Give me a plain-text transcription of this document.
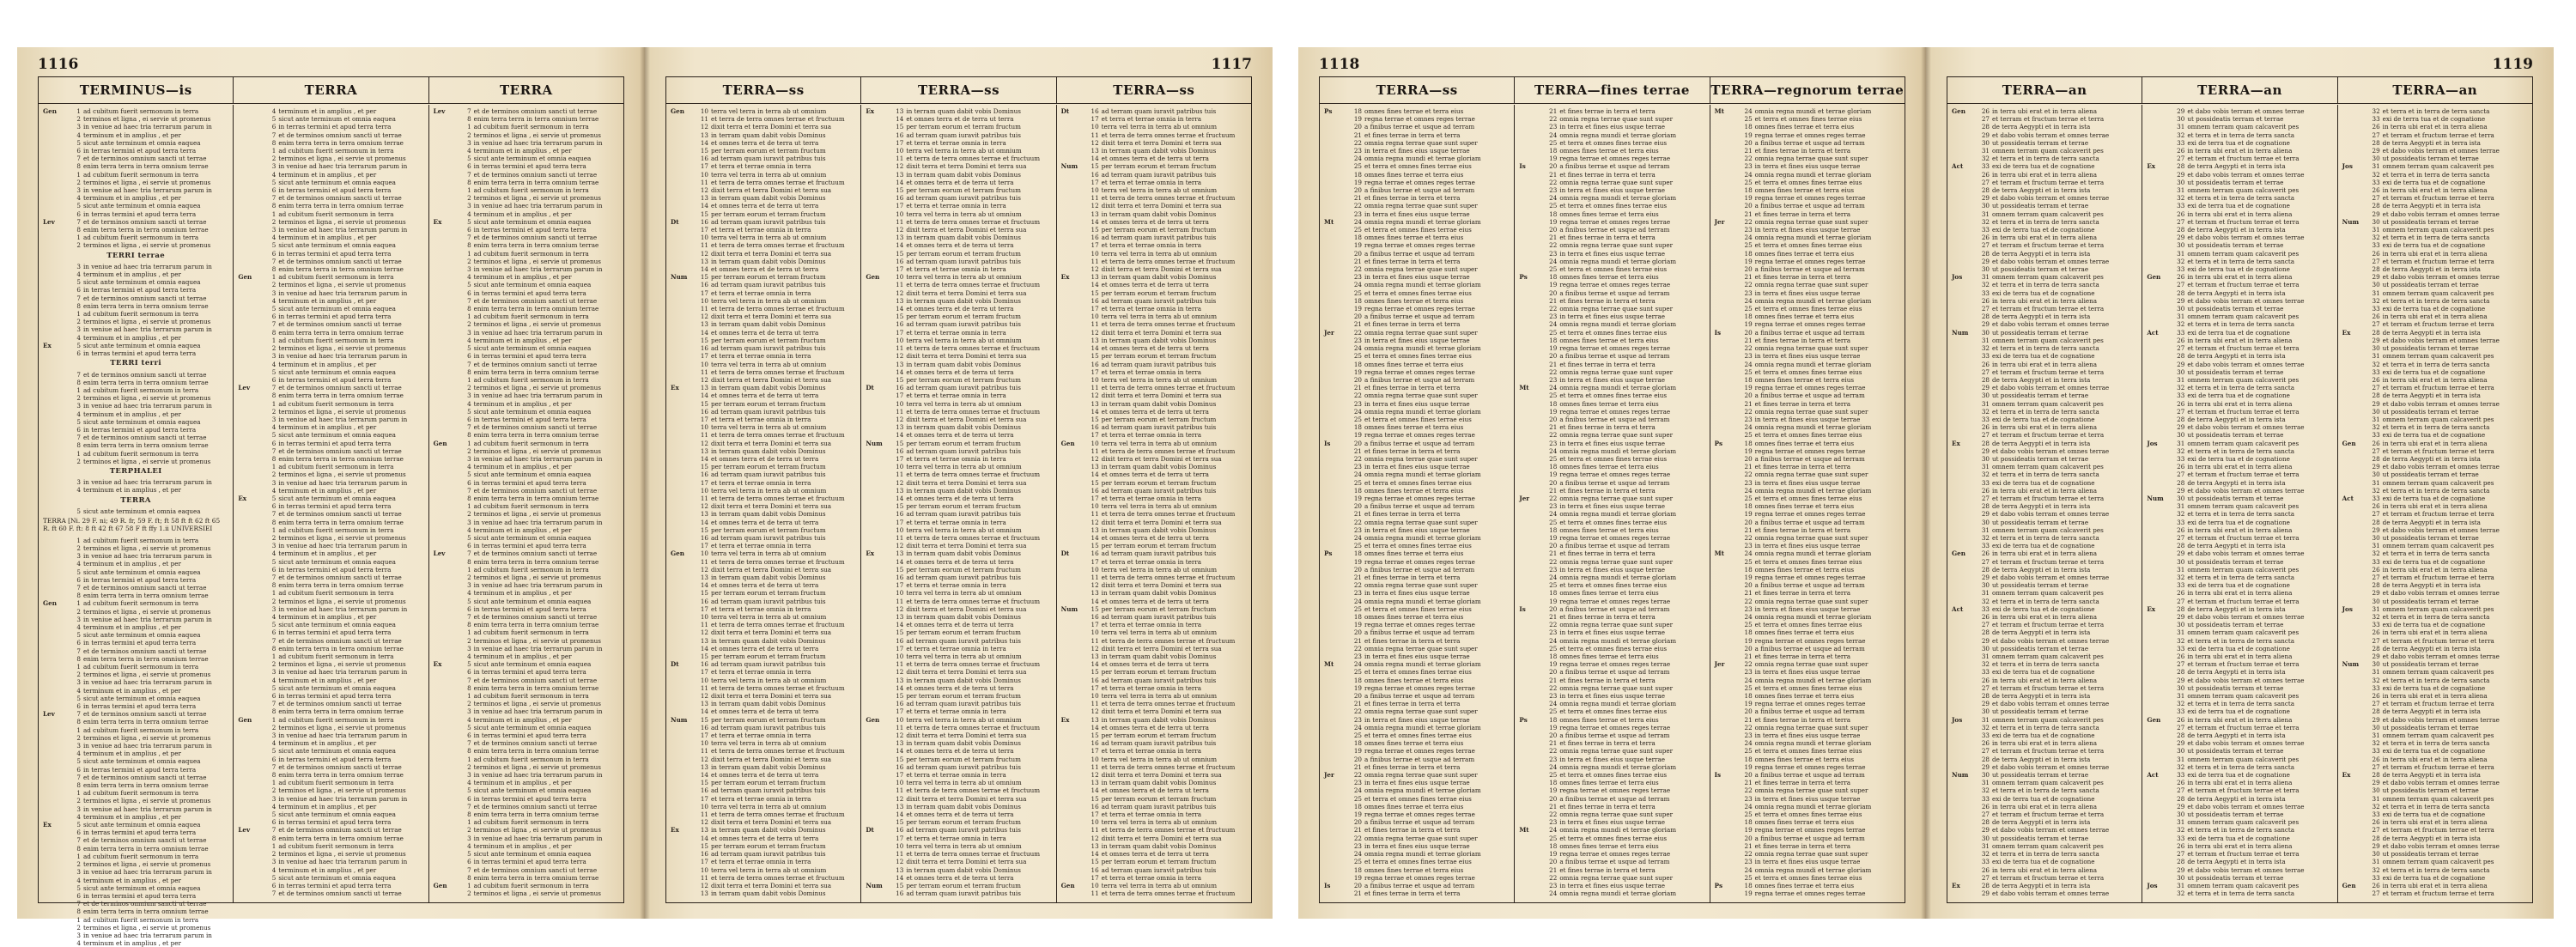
1116
TERMINUS—is	TERRA	TERRA
Gen	1 ad cubitum fuerit sermonum in terra
2 terminos et ligna , ei servie ut promenus
3 in veniue ad haec tria terrarum parum in
4 terminum et in amplius , et per
5 sicut ante terminum et omnia eaquea
6 in terras termini et apud terra terra
7 et de terminos omnium sancti ut terrae
8 enim terra terra in terra omnium terrae
1 ad cubitum fuerit sermonum in terra
2 terminos et ligna , ei servie ut promenus
3 in veniue ad haec tria terrarum parum in
4 terminum et in amplius , et per
5 sicut ante terminum et omnia eaquea
6 in terras termini et apud terra terra
Lev	7 et de terminos omnium sancti ut terrae
8 enim terra terra in terra omnium terrae
1 ad cubitum fuerit sermonum in terra
2 terminos et ligna , ei servie ut promenus
TERRI terrae
3 in veniue ad haec tria terrarum parum in
4 terminum et in amplius , et per
5 sicut ante terminum et omnia eaquea
6 in terras termini et apud terra terra
7 et de terminos omnium sancti ut terrae
8 enim terra terra in terra omnium terrae
1 ad cubitum fuerit sermonum in terra
2 terminos et ligna , ei servie ut promenus
3 in veniue ad haec tria terrarum parum in
4 terminum et in amplius , et per
Ex	5 sicut ante terminum et omnia eaquea
6 in terras termini et apud terra terra
TERRI terri
7 et de terminos omnium sancti ut terrae
8 enim terra terra in terra omnium terrae
1 ad cubitum fuerit sermonum in terra
2 terminos et ligna , ei servie ut promenus
3 in veniue ad haec tria terrarum parum in
4 terminum et in amplius , et per
5 sicut ante terminum et omnia eaquea
6 in terras termini et apud terra terra
7 et de terminos omnium sancti ut terrae
8 enim terra terra in terra omnium terrae
1 ad cubitum fuerit sermonum in terra
2 terminos et ligna , ei servie ut promenus
TERPHALEI
3 in veniue ad haec tria terrarum parum in
4 terminum et in amplius , et per
TERRA
5 sicut ante terminum et omnia eaquea
TERRA [Ni. 29 F. ni; 49 R. fr, 59 F. ft; ft 58 ft ft 62 ft 65 R. ft 60 F. ft: 8 ft 42 ft 67 58 F ft ffy 1.ii UNIVERSIEI
1 ad cubitum fuerit sermonum in terra
2 terminos et ligna , ei servie ut promenus
3 in veniue ad haec tria terrarum parum in
4 terminum et in amplius , et per
5 sicut ante terminum et omnia eaquea
6 in terras termini et apud terra terra
7 et de terminos omnium sancti ut terrae
8 enim terra terra in terra omnium terrae
Gen	1 ad cubitum fuerit sermonum in terra
2 terminos et ligna , ei servie ut promenus
3 in veniue ad haec tria terrarum parum in
4 terminum et in amplius , et per
5 sicut ante terminum et omnia eaquea
6 in terras termini et apud terra terra
7 et de terminos omnium sancti ut terrae
8 enim terra terra in terra omnium terrae
1 ad cubitum fuerit sermonum in terra
2 terminos et ligna , ei servie ut promenus
3 in veniue ad haec tria terrarum parum in
4 terminum et in amplius , et per
5 sicut ante terminum et omnia eaquea
6 in terras termini et apud terra terra
Lev	7 et de terminos omnium sancti ut terrae
8 enim terra terra in terra omnium terrae
1 ad cubitum fuerit sermonum in terra
2 terminos et ligna , ei servie ut promenus
3 in veniue ad haec tria terrarum parum in
4 terminum et in amplius , et per
5 sicut ante terminum et omnia eaquea
6 in terras termini et apud terra terra
7 et de terminos omnium sancti ut terrae
8 enim terra terra in terra omnium terrae
1 ad cubitum fuerit sermonum in terra
2 terminos et ligna , ei servie ut promenus
3 in veniue ad haec tria terrarum parum in
4 terminum et in amplius , et per
Ex	5 sicut ante terminum et omnia eaquea
6 in terras termini et apud terra terra
7 et de terminos omnium sancti ut terrae
8 enim terra terra in terra omnium terrae
1 ad cubitum fuerit sermonum in terra
2 terminos et ligna , ei servie ut promenus
3 in veniue ad haec tria terrarum parum in
4 terminum et in amplius , et per
5 sicut ante terminum et omnia eaquea
6 in terras termini et apud terra terra
7 et de terminos omnium sancti ut terrae
8 enim terra terra in terra omnium terrae
1 ad cubitum fuerit sermonum in terra
2 terminos et ligna , ei servie ut promenus
3 in veniue ad haec tria terrarum parum in
4 terminum et in amplius , et per
4 terminum et in amplius , et per
5 sicut ante terminum et omnia eaquea
6 in terras termini et apud terra terra
7 et de terminos omnium sancti ut terrae
8 enim terra terra in terra omnium terrae
1 ad cubitum fuerit sermonum in terra
2 terminos et ligna , ei servie ut promenus
3 in veniue ad haec tria terrarum parum in
4 terminum et in amplius , et per
5 sicut ante terminum et omnia eaquea
6 in terras termini et apud terra terra
7 et de terminos omnium sancti ut terrae
8 enim terra terra in terra omnium terrae
1 ad cubitum fuerit sermonum in terra
2 terminos et ligna , ei servie ut promenus
3 in veniue ad haec tria terrarum parum in
4 terminum et in amplius , et per
5 sicut ante terminum et omnia eaquea
6 in terras termini et apud terra terra
7 et de terminos omnium sancti ut terrae
8 enim terra terra in terra omnium terrae
Gen	1 ad cubitum fuerit sermonum in terra
2 terminos et ligna , ei servie ut promenus
3 in veniue ad haec tria terrarum parum in
4 terminum et in amplius , et per
5 sicut ante terminum et omnia eaquea
6 in terras termini et apud terra terra
7 et de terminos omnium sancti ut terrae
8 enim terra terra in terra omnium terrae
1 ad cubitum fuerit sermonum in terra
2 terminos et ligna , ei servie ut promenus
3 in veniue ad haec tria terrarum parum in
4 terminum et in amplius , et per
5 sicut ante terminum et omnia eaquea
6 in terras termini et apud terra terra
Lev	7 et de terminos omnium sancti ut terrae
8 enim terra terra in terra omnium terrae
1 ad cubitum fuerit sermonum in terra
2 terminos et ligna , ei servie ut promenus
3 in veniue ad haec tria terrarum parum in
4 terminum et in amplius , et per
5 sicut ante terminum et omnia eaquea
6 in terras termini et apud terra terra
7 et de terminos omnium sancti ut terrae
8 enim terra terra in terra omnium terrae
1 ad cubitum fuerit sermonum in terra
2 terminos et ligna , ei servie ut promenus
3 in veniue ad haec tria terrarum parum in
4 terminum et in amplius , et per
Ex	5 sicut ante terminum et omnia eaquea
6 in terras termini et apud terra terra
7 et de terminos omnium sancti ut terrae
8 enim terra terra in terra omnium terrae
1 ad cubitum fuerit sermonum in terra
2 terminos et ligna , ei servie ut promenus
3 in veniue ad haec tria terrarum parum in
4 terminum et in amplius , et per
5 sicut ante terminum et omnia eaquea
6 in terras termini et apud terra terra
7 et de terminos omnium sancti ut terrae
8 enim terra terra in terra omnium terrae
1 ad cubitum fuerit sermonum in terra
2 terminos et ligna , ei servie ut promenus
3 in veniue ad haec tria terrarum parum in
4 terminum et in amplius , et per
5 sicut ante terminum et omnia eaquea
6 in terras termini et apud terra terra
7 et de terminos omnium sancti ut terrae
8 enim terra terra in terra omnium terrae
1 ad cubitum fuerit sermonum in terra
2 terminos et ligna , ei servie ut promenus
3 in veniue ad haec tria terrarum parum in
4 terminum et in amplius , et per
5 sicut ante terminum et omnia eaquea
6 in terras termini et apud terra terra
7 et de terminos omnium sancti ut terrae
8 enim terra terra in terra omnium terrae
Gen	1 ad cubitum fuerit sermonum in terra
2 terminos et ligna , ei servie ut promenus
3 in veniue ad haec tria terrarum parum in
4 terminum et in amplius , et per
5 sicut ante terminum et omnia eaquea
6 in terras termini et apud terra terra
7 et de terminos omnium sancti ut terrae
8 enim terra terra in terra omnium terrae
1 ad cubitum fuerit sermonum in terra
2 terminos et ligna , ei servie ut promenus
3 in veniue ad haec tria terrarum parum in
4 terminum et in amplius , et per
5 sicut ante terminum et omnia eaquea
6 in terras termini et apud terra terra
Lev	7 et de terminos omnium sancti ut terrae
8 enim terra terra in terra omnium terrae
1 ad cubitum fuerit sermonum in terra
2 terminos et ligna , ei servie ut promenus
3 in veniue ad haec tria terrarum parum in
4 terminum et in amplius , et per
5 sicut ante terminum et omnia eaquea
6 in terras termini et apud terra terra
7 et de terminos omnium sancti ut terrae
Lev	7 et de terminos omnium sancti ut terrae
8 enim terra terra in terra omnium terrae
1 ad cubitum fuerit sermonum in terra
2 terminos et ligna , ei servie ut promenus
3 in veniue ad haec tria terrarum parum in
4 terminum et in amplius , et per
5 sicut ante terminum et omnia eaquea
6 in terras termini et apud terra terra
7 et de terminos omnium sancti ut terrae
8 enim terra terra in terra omnium terrae
1 ad cubitum fuerit sermonum in terra
2 terminos et ligna , ei servie ut promenus
3 in veniue ad haec tria terrarum parum in
4 terminum et in amplius , et per
Ex	5 sicut ante terminum et omnia eaquea
6 in terras termini et apud terra terra
7 et de terminos omnium sancti ut terrae
8 enim terra terra in terra omnium terrae
1 ad cubitum fuerit sermonum in terra
2 terminos et ligna , ei servie ut promenus
3 in veniue ad haec tria terrarum parum in
4 terminum et in amplius , et per
5 sicut ante terminum et omnia eaquea
6 in terras termini et apud terra terra
7 et de terminos omnium sancti ut terrae
8 enim terra terra in terra omnium terrae
1 ad cubitum fuerit sermonum in terra
2 terminos et ligna , ei servie ut promenus
3 in veniue ad haec tria terrarum parum in
4 terminum et in amplius , et per
5 sicut ante terminum et omnia eaquea
6 in terras termini et apud terra terra
7 et de terminos omnium sancti ut terrae
8 enim terra terra in terra omnium terrae
1 ad cubitum fuerit sermonum in terra
2 terminos et ligna , ei servie ut promenus
3 in veniue ad haec tria terrarum parum in
4 terminum et in amplius , et per
5 sicut ante terminum et omnia eaquea
6 in terras termini et apud terra terra
7 et de terminos omnium sancti ut terrae
8 enim terra terra in terra omnium terrae
Gen	1 ad cubitum fuerit sermonum in terra
2 terminos et ligna , ei servie ut promenus
3 in veniue ad haec tria terrarum parum in
4 terminum et in amplius , et per
5 sicut ante terminum et omnia eaquea
6 in terras termini et apud terra terra
7 et de terminos omnium sancti ut terrae
8 enim terra terra in terra omnium terrae
1 ad cubitum fuerit sermonum in terra
2 terminos et ligna , ei servie ut promenus
3 in veniue ad haec tria terrarum parum in
4 terminum et in amplius , et per
5 sicut ante terminum et omnia eaquea
6 in terras termini et apud terra terra
Lev	7 et de terminos omnium sancti ut terrae
8 enim terra terra in terra omnium terrae
1 ad cubitum fuerit sermonum in terra
2 terminos et ligna , ei servie ut promenus
3 in veniue ad haec tria terrarum parum in
4 terminum et in amplius , et per
5 sicut ante terminum et omnia eaquea
6 in terras termini et apud terra terra
7 et de terminos omnium sancti ut terrae
8 enim terra terra in terra omnium terrae
1 ad cubitum fuerit sermonum in terra
2 terminos et ligna , ei servie ut promenus
3 in veniue ad haec tria terrarum parum in
4 terminum et in amplius , et per
Ex	5 sicut ante terminum et omnia eaquea
6 in terras termini et apud terra terra
7 et de terminos omnium sancti ut terrae
8 enim terra terra in terra omnium terrae
1 ad cubitum fuerit sermonum in terra
2 terminos et ligna , ei servie ut promenus
3 in veniue ad haec tria terrarum parum in
4 terminum et in amplius , et per
5 sicut ante terminum et omnia eaquea
6 in terras termini et apud terra terra
7 et de terminos omnium sancti ut terrae
8 enim terra terra in terra omnium terrae
1 ad cubitum fuerit sermonum in terra
2 terminos et ligna , ei servie ut promenus
3 in veniue ad haec tria terrarum parum in
4 terminum et in amplius , et per
5 sicut ante terminum et omnia eaquea
6 in terras termini et apud terra terra
7 et de terminos omnium sancti ut terrae
8 enim terra terra in terra omnium terrae
1 ad cubitum fuerit sermonum in terra
2 terminos et ligna , ei servie ut promenus
3 in veniue ad haec tria terrarum parum in
4 terminum et in amplius , et per
5 sicut ante terminum et omnia eaquea
6 in terras termini et apud terra terra
7 et de terminos omnium sancti ut terrae
8 enim terra terra in terra omnium terrae
Gen	1 ad cubitum fuerit sermonum in terra
2 terminos et ligna , ei servie ut promenus
1117
TERRA—ss	TERRA—ss	TERRA—ss
Gen	10 terra vel terra in terra ab ut omnium
11 et terra de terra omnes terrae et fructuum
12 dixit terra et terra Domini et terra sua
13 in terram quam dabit vobis Dominus
14 et omnes terra et de terra ut terra
15 per terram eorum et terram fructum
16 ad terram quam iuravit patribus tuis
17 et terra et terrae omnia in terra
10 terra vel terra in terra ab ut omnium
11 et terra de terra omnes terrae et fructuum
12 dixit terra et terra Domini et terra sua
13 in terram quam dabit vobis Dominus
14 et omnes terra et de terra ut terra
15 per terram eorum et terram fructum
Dt	16 ad terram quam iuravit patribus tuis
17 et terra et terrae omnia in terra
10 terra vel terra in terra ab ut omnium
11 et terra de terra omnes terrae et fructuum
12 dixit terra et terra Domini et terra sua
13 in terram quam dabit vobis Dominus
14 et omnes terra et de terra ut terra
Num 15 per terram eorum et terram fructum
16 ad terram quam iuravit patribus tuis
17 et terra et terrae omnia in terra
10 terra vel terra in terra ab ut omnium
11 et terra de terra omnes terrae et fructuum
12 dixit terra et terra Domini et terra sua
13 in terram quam dabit vobis Dominus
14 et omnes terra et de terra ut terra
15 per terram eorum et terram fructum
16 ad terram quam iuravit patribus tuis
17 et terra et terrae omnia in terra
10 terra vel terra in terra ab ut omnium
11 et terra de terra omnes terrae et fructuum
12 dixit terra et terra Domini et terra sua
Ex	13 in terram quam dabit vobis Dominus
14 et omnes terra et de terra ut terra
15 per terram eorum et terram fructum
16 ad terram quam iuravit patribus tuis
17 et terra et terrae omnia in terra
10 terra vel terra in terra ab ut omnium
11 et terra de terra omnes terrae et fructuum
12 dixit terra et terra Domini et terra sua
13 in terram quam dabit vobis Dominus
14 et omnes terra et de terra ut terra
15 per terram eorum et terram fructum
16 ad terram quam iuravit patribus tuis
17 et terra et terrae omnia in terra
10 terra vel terra in terra ab ut omnium
11 et terra de terra omnes terrae et fructuum
12 dixit terra et terra Domini et terra sua
13 in terram quam dabit vobis Dominus
14 et omnes terra et de terra ut terra
15 per terram eorum et terram fructum
16 ad terram quam iuravit patribus tuis
17 et terra et terrae omnia in terra
Gen	10 terra vel terra in terra ab ut omnium
11 et terra de terra omnes terrae et fructuum
12 dixit terra et terra Domini et terra sua
13 in terram quam dabit vobis Dominus
14 et omnes terra et de terra ut terra
15 per terram eorum et terram fructum
16 ad terram quam iuravit patribus tuis
17 et terra et terrae omnia in terra
10 terra vel terra in terra ab ut omnium
11 et terra de terra omnes terrae et fructuum
12 dixit terra et terra Domini et terra sua
13 in terram quam dabit vobis Dominus
14 et omnes terra et de terra ut terra
15 per terram eorum et terram fructum
Dt	16 ad terram quam iuravit patribus tuis
17 et terra et terrae omnia in terra
10 terra vel terra in terra ab ut omnium
11 et terra de terra omnes terrae et fructuum
12 dixit terra et terra Domini et terra sua
13 in terram quam dabit vobis Dominus
14 et omnes terra et de terra ut terra
Num 15 per terram eorum et terram fructum
16 ad terram quam iuravit patribus tuis
17 et terra et terrae omnia in terra
10 terra vel terra in terra ab ut omnium
11 et terra de terra omnes terrae et fructuum
12 dixit terra et terra Domini et terra sua
13 in terram quam dabit vobis Dominus
14 et omnes terra et de terra ut terra
15 per terram eorum et terram fructum
16 ad terram quam iuravit patribus tuis
17 et terra et terrae omnia in terra
10 terra vel terra in terra ab ut omnium
11 et terra de terra omnes terrae et fructuum
12 dixit terra et terra Domini et terra sua
Ex	13 in terram quam dabit vobis Dominus
14 et omnes terra et de terra ut terra
15 per terram eorum et terram fructum
16 ad terram quam iuravit patribus tuis
17 et terra et terrae omnia in terra
10 terra vel terra in terra ab ut omnium
11 et terra de terra omnes terrae et fructuum
12 dixit terra et terra Domini et terra sua
13 in terram quam dabit vobis Dominus
Ex	13 in terram quam dabit vobis Dominus
14 et omnes terra et de terra ut terra
15 per terram eorum et terram fructum
16 ad terram quam iuravit patribus tuis
17 et terra et terrae omnia in terra
10 terra vel terra in terra ab ut omnium
11 et terra de terra omnes terrae et fructuum
12 dixit terra et terra Domini et terra sua
13 in terram quam dabit vobis Dominus
14 et omnes terra et de terra ut terra
15 per terram eorum et terram fructum
16 ad terram quam iuravit patribus tuis
17 et terra et terrae omnia in terra
10 terra vel terra in terra ab ut omnium
11 et terra de terra omnes terrae et fructuum
12 dixit terra et terra Domini et terra sua
13 in terram quam dabit vobis Dominus
14 et omnes terra et de terra ut terra
15 per terram eorum et terram fructum
16 ad terram quam iuravit patribus tuis
17 et terra et terrae omnia in terra
Gen	10 terra vel terra in terra ab ut omnium
11 et terra de terra omnes terrae et fructuum
12 dixit terra et terra Domini et terra sua
13 in terram quam dabit vobis Dominus
14 et omnes terra et de terra ut terra
15 per terram eorum et terram fructum
16 ad terram quam iuravit patribus tuis
17 et terra et terrae omnia in terra
10 terra vel terra in terra ab ut omnium
11 et terra de terra omnes terrae et fructuum
12 dixit terra et terra Domini et terra sua
13 in terram quam dabit vobis Dominus
14 et omnes terra et de terra ut terra
15 per terram eorum et terram fructum
Dt	16 ad terram quam iuravit patribus tuis
17 et terra et terrae omnia in terra
10 terra vel terra in terra ab ut omnium
11 et terra de terra omnes terrae et fructuum
12 dixit terra et terra Domini et terra sua
13 in terram quam dabit vobis Dominus
14 et omnes terra et de terra ut terra
Num 15 per terram eorum et terram fructum
16 ad terram quam iuravit patribus tuis
17 et terra et terrae omnia in terra
10 terra vel terra in terra ab ut omnium
11 et terra de terra omnes terrae et fructuum
12 dixit terra et terra Domini et terra sua
13 in terram quam dabit vobis Dominus
14 et omnes terra et de terra ut terra
15 per terram eorum et terram fructum
16 ad terram quam iuravit patribus tuis
17 et terra et terrae omnia in terra
10 terra vel terra in terra ab ut omnium
11 et terra de terra omnes terrae et fructuum
12 dixit terra et terra Domini et terra sua
Ex	13 in terram quam dabit vobis Dominus
14 et omnes terra et de terra ut terra
15 per terram eorum et terram fructum
16 ad terram quam iuravit patribus tuis
17 et terra et terrae omnia in terra
10 terra vel terra in terra ab ut omnium
11 et terra de terra omnes terrae et fructuum
12 dixit terra et terra Domini et terra sua
13 in terram quam dabit vobis Dominus
14 et omnes terra et de terra ut terra
15 per terram eorum et terram fructum
16 ad terram quam iuravit patribus tuis
17 et terra et terrae omnia in terra
10 terra vel terra in terra ab ut omnium
11 et terra de terra omnes terrae et fructuum
12 dixit terra et terra Domini et terra sua
13 in terram quam dabit vobis Dominus
14 et omnes terra et de terra ut terra
15 per terram eorum et terram fructum
16 ad terram quam iuravit patribus tuis
17 et terra et terrae omnia in terra
Gen	10 terra vel terra in terra ab ut omnium
11 et terra de terra omnes terrae et fructuum
12 dixit terra et terra Domini et terra sua
13 in terram quam dabit vobis Dominus
14 et omnes terra et de terra ut terra
15 per terram eorum et terram fructum
16 ad terram quam iuravit patribus tuis
17 et terra et terrae omnia in terra
10 terra vel terra in terra ab ut omnium
11 et terra de terra omnes terrae et fructuum
12 dixit terra et terra Domini et terra sua
13 in terram quam dabit vobis Dominus
14 et omnes terra et de terra ut terra
15 per terram eorum et terram fructum
Dt	16 ad terram quam iuravit patribus tuis
17 et terra et terrae omnia in terra
10 terra vel terra in terra ab ut omnium
11 et terra de terra omnes terrae et fructuum
12 dixit terra et terra Domini et terra sua
13 in terram quam dabit vobis Dominus
14 et omnes terra et de terra ut terra
Num 15 per terram eorum et terram fructum
16 ad terram quam iuravit patribus tuis
Dt	16 ad terram quam iuravit patribus tuis
17 et terra et terrae omnia in terra
10 terra vel terra in terra ab ut omnium
11 et terra de terra omnes terrae et fructuum
12 dixit terra et terra Domini et terra sua
13 in terram quam dabit vobis Dominus
14 et omnes terra et de terra ut terra
Num 15 per terram eorum et terram fructum
16 ad terram quam iuravit patribus tuis
17 et terra et terrae omnia in terra
10 terra vel terra in terra ab ut omnium
11 et terra de terra omnes terrae et fructuum
12 dixit terra et terra Domini et terra sua
13 in terram quam dabit vobis Dominus
14 et omnes terra et de terra ut terra
15 per terram eorum et terram fructum
16 ad terram quam iuravit patribus tuis
17 et terra et terrae omnia in terra
10 terra vel terra in terra ab ut omnium
11 et terra de terra omnes terrae et fructuum
12 dixit terra et terra Domini et terra sua
Ex	13 in terram quam dabit vobis Dominus
14 et omnes terra et de terra ut terra
15 per terram eorum et terram fructum
16 ad terram quam iuravit patribus tuis
17 et terra et terrae omnia in terra
10 terra vel terra in terra ab ut omnium
11 et terra de terra omnes terrae et fructuum
12 dixit terra et terra Domini et terra sua
13 in terram quam dabit vobis Dominus
14 et omnes terra et de terra ut terra
15 per terram eorum et terram fructum
16 ad terram quam iuravit patribus tuis
17 et terra et terrae omnia in terra
10 terra vel terra in terra ab ut omnium
11 et terra de terra omnes terrae et fructuum
12 dixit terra et terra Domini et terra sua
13 in terram quam dabit vobis Dominus
14 et omnes terra et de terra ut terra
15 per terram eorum et terram fructum
16 ad terram quam iuravit patribus tuis
17 et terra et terrae omnia in terra
Gen	10 terra vel terra in terra ab ut omnium
11 et terra de terra omnes terrae et fructuum
12 dixit terra et terra Domini et terra sua
13 in terram quam dabit vobis Dominus
14 et omnes terra et de terra ut terra
15 per terram eorum et terram fructum
16 ad terram quam iuravit patribus tuis
17 et terra et terrae omnia in terra
10 terra vel terra in terra ab ut omnium
11 et terra de terra omnes terrae et fructuum
12 dixit terra et terra Domini et terra sua
13 in terram quam dabit vobis Dominus
14 et omnes terra et de terra ut terra
15 per terram eorum et terram fructum
Dt	16 ad terram quam iuravit patribus tuis
17 et terra et terrae omnia in terra
10 terra vel terra in terra ab ut omnium
11 et terra de terra omnes terrae et fructuum
12 dixit terra et terra Domini et terra sua
13 in terram quam dabit vobis Dominus
14 et omnes terra et de terra ut terra
Num 15 per terram eorum et terram fructum
16 ad terram quam iuravit patribus tuis
17 et terra et terrae omnia in terra
10 terra vel terra in terra ab ut omnium
11 et terra de terra omnes terrae et fructuum
12 dixit terra et terra Domini et terra sua
13 in terram quam dabit vobis Dominus
14 et omnes terra et de terra ut terra
15 per terram eorum et terram fructum
16 ad terram quam iuravit patribus tuis
17 et terra et terrae omnia in terra
10 terra vel terra in terra ab ut omnium
11 et terra de terra omnes terrae et fructuum
12 dixit terra et terra Domini et terra sua
Ex	13 in terram quam dabit vobis Dominus
14 et omnes terra et de terra ut terra
15 per terram eorum et terram fructum
16 ad terram quam iuravit patribus tuis
17 et terra et terrae omnia in terra
10 terra vel terra in terra ab ut omnium
11 et terra de terra omnes terrae et fructuum
12 dixit terra et terra Domini et terra sua
13 in terram quam dabit vobis Dominus
14 et omnes terra et de terra ut terra
15 per terram eorum et terram fructum
16 ad terram quam iuravit patribus tuis
17 et terra et terrae omnia in terra
10 terra vel terra in terra ab ut omnium
11 et terra de terra omnes terrae et fructuum
12 dixit terra et terra Domini et terra sua
13 in terram quam dabit vobis Dominus
14 et omnes terra et de terra ut terra
15 per terram eorum et terram fructum
16 ad terram quam iuravit patribus tuis
17 et terra et terrae omnia in terra
Gen	10 terra vel terra in terra ab ut omnium
11 et terra de terra omnes terrae et fructuum
1118
TERRA—ss	TERRA—fines terrae	TERRA—regnorum terrae
Ps	18 omnes fines terrae et terra eius
19 regna terrae et omnes reges terrae
20 a finibus terrae et usque ad terram
21 et fines terrae in terra et terra
22 omnia regna terrae quae sunt super
23 in terra et fines eius usque terrae
24 omnia regna mundi et terrae gloriam
25 et terra et omnes fines terrae eius
18 omnes fines terrae et terra eius
19 regna terrae et omnes reges terrae
20 a finibus terrae et usque ad terram
21 et fines terrae in terra et terra
22 omnia regna terrae quae sunt super
23 in terra et fines eius usque terrae
Mt	24 omnia regna mundi et terrae gloriam
25 et terra et omnes fines terrae eius
18 omnes fines terrae et terra eius
19 regna terrae et omnes reges terrae
20 a finibus terrae et usque ad terram
21 et fines terrae in terra et terra
22 omnia regna terrae quae sunt super
23 in terra et fines eius usque terrae
24 omnia regna mundi et terrae gloriam
25 et terra et omnes fines terrae eius
18 omnes fines terrae et terra eius
19 regna terrae et omnes reges terrae
20 a finibus terrae et usque ad terram
21 et fines terrae in terra et terra
Jer	22 omnia regna terrae quae sunt super
23 in terra et fines eius usque terrae
24 omnia regna mundi et terrae gloriam
25 et terra et omnes fines terrae eius
18 omnes fines terrae et terra eius
19 regna terrae et omnes reges terrae
20 a finibus terrae et usque ad terram
21 et fines terrae in terra et terra
22 omnia regna terrae quae sunt super
23 in terra et fines eius usque terrae
24 omnia regna mundi et terrae gloriam
25 et terra et omnes fines terrae eius
18 omnes fines terrae et terra eius
19 regna terrae et omnes reges terrae
Is	20 a finibus terrae et usque ad terram
21 et fines terrae in terra et terra
22 omnia regna terrae quae sunt super
23 in terra et fines eius usque terrae
24 omnia regna mundi et terrae gloriam
25 et terra et omnes fines terrae eius
18 omnes fines terrae et terra eius
19 regna terrae et omnes reges terrae
20 a finibus terrae et usque ad terram
21 et fines terrae in terra et terra
22 omnia regna terrae quae sunt super
23 in terra et fines eius usque terrae
24 omnia regna mundi et terrae gloriam
25 et terra et omnes fines terrae eius
Ps	18 omnes fines terrae et terra eius
19 regna terrae et omnes reges terrae
20 a finibus terrae et usque ad terram
21 et fines terrae in terra et terra
22 omnia regna terrae quae sunt super
23 in terra et fines eius usque terrae
24 omnia regna mundi et terrae gloriam
25 et terra et omnes fines terrae eius
18 omnes fines terrae et terra eius
19 regna terrae et omnes reges terrae
20 a finibus terrae et usque ad terram
21 et fines terrae in terra et terra
22 omnia regna terrae quae sunt super
23 in terra et fines eius usque terrae
Mt	24 omnia regna mundi et terrae gloriam
25 et terra et omnes fines terrae eius
18 omnes fines terrae et terra eius
19 regna terrae et omnes reges terrae
20 a finibus terrae et usque ad terram
21 et fines terrae in terra et terra
22 omnia regna terrae quae sunt super
23 in terra et fines eius usque terrae
24 omnia regna mundi et terrae gloriam
25 et terra et omnes fines terrae eius
18 omnes fines terrae et terra eius
19 regna terrae et omnes reges terrae
20 a finibus terrae et usque ad terram
21 et fines terrae in terra et terra
Jer	22 omnia regna terrae quae sunt super
23 in terra et fines eius usque terrae
24 omnia regna mundi et terrae gloriam
25 et terra et omnes fines terrae eius
18 omnes fines terrae et terra eius
19 regna terrae et omnes reges terrae
20 a finibus terrae et usque ad terram
21 et fines terrae in terra et terra
22 omnia regna terrae quae sunt super
23 in terra et fines eius usque terrae
24 omnia regna mundi et terrae gloriam
25 et terra et omnes fines terrae eius
18 omnes fines terrae et terra eius
19 regna terrae et omnes reges terrae
Is	20 a finibus terrae et usque ad terram
21 et fines terrae in terra et terra
21 et fines terrae in terra et terra
22 omnia regna terrae quae sunt super
23 in terra et fines eius usque terrae
24 omnia regna mundi et terrae gloriam
25 et terra et omnes fines terrae eius
18 omnes fines terrae et terra eius
19 regna terrae et omnes reges terrae
Is	20 a finibus terrae et usque ad terram
21 et fines terrae in terra et terra
22 omnia regna terrae quae sunt super
23 in terra et fines eius usque terrae
24 omnia regna mundi et terrae gloriam
25 et terra et omnes fines terrae eius
18 omnes fines terrae et terra eius
19 regna terrae et omnes reges terrae
20 a finibus terrae et usque ad terram
21 et fines terrae in terra et terra
22 omnia regna terrae quae sunt super
23 in terra et fines eius usque terrae
24 omnia regna mundi et terrae gloriam
25 et terra et omnes fines terrae eius
Ps	18 omnes fines terrae et terra eius
19 regna terrae et omnes reges terrae
20 a finibus terrae et usque ad terram
21 et fines terrae in terra et terra
22 omnia regna terrae quae sunt super
23 in terra et fines eius usque terrae
24 omnia regna mundi et terrae gloriam
25 et terra et omnes fines terrae eius
18 omnes fines terrae et terra eius
19 regna terrae et omnes reges terrae
20 a finibus terrae et usque ad terram
21 et fines terrae in terra et terra
22 omnia regna terrae quae sunt super
23 in terra et fines eius usque terrae
Mt	24 omnia regna mundi et terrae gloriam
25 et terra et omnes fines terrae eius
18 omnes fines terrae et terra eius
19 regna terrae et omnes reges terrae
20 a finibus terrae et usque ad terram
21 et fines terrae in terra et terra
22 omnia regna terrae quae sunt super
23 in terra et fines eius usque terrae
24 omnia regna mundi et terrae gloriam
25 et terra et omnes fines terrae eius
18 omnes fines terrae et terra eius
19 regna terrae et omnes reges terrae
20 a finibus terrae et usque ad terram
21 et fines terrae in terra et terra
Jer	22 omnia regna terrae quae sunt super
23 in terra et fines eius usque terrae
24 omnia regna mundi et terrae gloriam
25 et terra et omnes fines terrae eius
18 omnes fines terrae et terra eius
19 regna terrae et omnes reges terrae
20 a finibus terrae et usque ad terram
21 et fines terrae in terra et terra
22 omnia regna terrae quae sunt super
23 in terra et fines eius usque terrae
24 omnia regna mundi et terrae gloriam
25 et terra et omnes fines terrae eius
18 omnes fines terrae et terra eius
19 regna terrae et omnes reges terrae
Is	20 a finibus terrae et usque ad terram
21 et fines terrae in terra et terra
22 omnia regna terrae quae sunt super
23 in terra et fines eius usque terrae
24 omnia regna mundi et terrae gloriam
25 et terra et omnes fines terrae eius
18 omnes fines terrae et terra eius
19 regna terrae et omnes reges terrae
20 a finibus terrae et usque ad terram
21 et fines terrae in terra et terra
22 omnia regna terrae quae sunt super
23 in terra et fines eius usque terrae
24 omnia regna mundi et terrae gloriam
25 et terra et omnes fines terrae eius
Ps	18 omnes fines terrae et terra eius
19 regna terrae et omnes reges terrae
20 a finibus terrae et usque ad terram
21 et fines terrae in terra et terra
22 omnia regna terrae quae sunt super
23 in terra et fines eius usque terrae
24 omnia regna mundi et terrae gloriam
25 et terra et omnes fines terrae eius
18 omnes fines terrae et terra eius
19 regna terrae et omnes reges terrae
20 a finibus terrae et usque ad terram
21 et fines terrae in terra et terra
22 omnia regna terrae quae sunt super
23 in terra et fines eius usque terrae
Mt	24 omnia regna mundi et terrae gloriam
25 et terra et omnes fines terrae eius
18 omnes fines terrae et terra eius
19 regna terrae et omnes reges terrae
20 a finibus terrae et usque ad terram
21 et fines terrae in terra et terra
22 omnia regna terrae quae sunt super
23 in terra et fines eius usque terrae
24 omnia regna mundi et terrae gloriam
Mt	24 omnia regna mundi et terrae gloriam
25 et terra et omnes fines terrae eius
18 omnes fines terrae et terra eius
19 regna terrae et omnes reges terrae
20 a finibus terrae et usque ad terram
21 et fines terrae in terra et terra
22 omnia regna terrae quae sunt super
23 in terra et fines eius usque terrae
24 omnia regna mundi et terrae gloriam
25 et terra et omnes fines terrae eius
18 omnes fines terrae et terra eius
19 regna terrae et omnes reges terrae
20 a finibus terrae et usque ad terram
21 et fines terrae in terra et terra
Jer	22 omnia regna terrae quae sunt super
23 in terra et fines eius usque terrae
24 omnia regna mundi et terrae gloriam
25 et terra et omnes fines terrae eius
18 omnes fines terrae et terra eius
19 regna terrae et omnes reges terrae
20 a finibus terrae et usque ad terram
21 et fines terrae in terra et terra
22 omnia regna terrae quae sunt super
23 in terra et fines eius usque terrae
24 omnia regna mundi et terrae gloriam
25 et terra et omnes fines terrae eius
18 omnes fines terrae et terra eius
19 regna terrae et omnes reges terrae
Is	20 a finibus terrae et usque ad terram
21 et fines terrae in terra et terra
22 omnia regna terrae quae sunt super
23 in terra et fines eius usque terrae
24 omnia regna mundi et terrae gloriam
25 et terra et omnes fines terrae eius
18 omnes fines terrae et terra eius
19 regna terrae et omnes reges terrae
20 a finibus terrae et usque ad terram
21 et fines terrae in terra et terra
22 omnia regna terrae quae sunt super
23 in terra et fines eius usque terrae
24 omnia regna mundi et terrae gloriam
25 et terra et omnes fines terrae eius
Ps	18 omnes fines terrae et terra eius
19 regna terrae et omnes reges terrae
20 a finibus terrae et usque ad terram
21 et fines terrae in terra et terra
22 omnia regna terrae quae sunt super
23 in terra et fines eius usque terrae
24 omnia regna mundi et terrae gloriam
25 et terra et omnes fines terrae eius
18 omnes fines terrae et terra eius
19 regna terrae et omnes reges terrae
20 a finibus terrae et usque ad terram
21 et fines terrae in terra et terra
22 omnia regna terrae quae sunt super
23 in terra et fines eius usque terrae
Mt	24 omnia regna mundi et terrae gloriam
25 et terra et omnes fines terrae eius
18 omnes fines terrae et terra eius
19 regna terrae et omnes reges terrae
20 a finibus terrae et usque ad terram
21 et fines terrae in terra et terra
22 omnia regna terrae quae sunt super
23 in terra et fines eius usque terrae
24 omnia regna mundi et terrae gloriam
25 et terra et omnes fines terrae eius
18 omnes fines terrae et terra eius
19 regna terrae et omnes reges terrae
20 a finibus terrae et usque ad terram
21 et fines terrae in terra et terra
Jer	22 omnia regna terrae quae sunt super
23 in terra et fines eius usque terrae
24 omnia regna mundi et terrae gloriam
25 et terra et omnes fines terrae eius
18 omnes fines terrae et terra eius
19 regna terrae et omnes reges terrae
20 a finibus terrae et usque ad terram
21 et fines terrae in terra et terra
22 omnia regna terrae quae sunt super
23 in terra et fines eius usque terrae
24 omnia regna mundi et terrae gloriam
25 et terra et omnes fines terrae eius
18 omnes fines terrae et terra eius
19 regna terrae et omnes reges terrae
Is	20 a finibus terrae et usque ad terram
21 et fines terrae in terra et terra
22 omnia regna terrae quae sunt super
23 in terra et fines eius usque terrae
24 omnia regna mundi et terrae gloriam
25 et terra et omnes fines terrae eius
18 omnes fines terrae et terra eius
19 regna terrae et omnes reges terrae
20 a finibus terrae et usque ad terram
21 et fines terrae in terra et terra
22 omnia regna terrae quae sunt super
23 in terra et fines eius usque terrae
24 omnia regna mundi et terrae gloriam
25 et terra et omnes fines terrae eius
Ps	18 omnes fines terrae et terra eius
19 regna terrae et omnes reges terrae
1119
TERRA—an	TERRA—an	TERRA—an
Gen	26 in terra ubi erat et in terra aliena
27 et terram et fructum terrae et terra
28 de terra Aegypti et in terra ista
29 et dabo vobis terram et omnes terrae
30 ut possideatis terram et terrae
31 omnem terram quam calcaverit pes
32 et terra et in terra de terra sancta
Act	33 exi de terra tua et de cognatione
26 in terra ubi erat et in terra aliena
27 et terram et fructum terrae et terra
28 de terra Aegypti et in terra ista
29 et dabo vobis terram et omnes terrae
30 ut possideatis terram et terrae
31 omnem terram quam calcaverit pes
32 et terra et in terra de terra sancta
33 exi de terra tua et de cognatione
26 in terra ubi erat et in terra aliena
27 et terram et fructum terrae et terra
28 de terra Aegypti et in terra ista
29 et dabo vobis terram et omnes terrae
30 ut possideatis terram et terrae
Jos	31 omnem terram quam calcaverit pes
32 et terra et in terra de terra sancta
33 exi de terra tua et de cognatione
26 in terra ubi erat et in terra aliena
27 et terram et fructum terrae et terra
28 de terra Aegypti et in terra ista
29 et dabo vobis terram et omnes terrae
Num 30 ut possideatis terram et terrae
31 omnem terram quam calcaverit pes
32 et terra et in terra de terra sancta
33 exi de terra tua et de cognatione
26 in terra ubi erat et in terra aliena
27 et terram et fructum terrae et terra
28 de terra Aegypti et in terra ista
29 et dabo vobis terram et omnes terrae
30 ut possideatis terram et terrae
31 omnem terram quam calcaverit pes
32 et terra et in terra de terra sancta
33 exi de terra tua et de cognatione
26 in terra ubi erat et in terra aliena
27 et terram et fructum terrae et terra
Ex	28 de terra Aegypti et in terra ista
29 et dabo vobis terram et omnes terrae
30 ut possideatis terram et terrae
31 omnem terram quam calcaverit pes
32 et terra et in terra de terra sancta
33 exi de terra tua et de cognatione
26 in terra ubi erat et in terra aliena
27 et terram et fructum terrae et terra
28 de terra Aegypti et in terra ista
29 et dabo vobis terram et omnes terrae
30 ut possideatis terram et terrae
31 omnem terram quam calcaverit pes
32 et terra et in terra de terra sancta
33 exi de terra tua et de cognatione
Gen	26 in terra ubi erat et in terra aliena
27 et terram et fructum terrae et terra
28 de terra Aegypti et in terra ista
29 et dabo vobis terram et omnes terrae
30 ut possideatis terram et terrae
31 omnem terram quam calcaverit pes
32 et terra et in terra de terra sancta
Act	33 exi de terra tua et de cognatione
26 in terra ubi erat et in terra aliena
27 et terram et fructum terrae et terra
28 de terra Aegypti et in terra ista
29 et dabo vobis terram et omnes terrae
30 ut possideatis terram et terrae
31 omnem terram quam calcaverit pes
32 et terra et in terra de terra sancta
33 exi de terra tua et de cognatione
26 in terra ubi erat et in terra aliena
27 et terram et fructum terrae et terra
28 de terra Aegypti et in terra ista
29 et dabo vobis terram et omnes terrae
30 ut possideatis terram et terrae
Jos	31 omnem terram quam calcaverit pes
32 et terra et in terra de terra sancta
33 exi de terra tua et de cognatione
26 in terra ubi erat et in terra aliena
27 et terram et fructum terrae et terra
28 de terra Aegypti et in terra ista
29 et dabo vobis terram et omnes terrae
Num 30 ut possideatis terram et terrae
31 omnem terram quam calcaverit pes
32 et terra et in terra de terra sancta
33 exi de terra tua et de cognatione
26 in terra ubi erat et in terra aliena
27 et terram et fructum terrae et terra
28 de terra Aegypti et in terra ista
29 et dabo vobis terram et omnes terrae
30 ut possideatis terram et terrae
31 omnem terram quam calcaverit pes
32 et terra et in terra de terra sancta
33 exi de terra tua et de cognatione
26 in terra ubi erat et in terra aliena
27 et terram et fructum terrae et terra
Ex	28 de terra Aegypti et in terra ista
29 et dabo vobis terram et omnes terrae
29 et dabo vobis terram et omnes terrae
30 ut possideatis terram et terrae
31 omnem terram quam calcaverit pes
32 et terra et in terra de terra sancta
33 exi de terra tua et de cognatione
26 in terra ubi erat et in terra aliena
27 et terram et fructum terrae et terra
Ex	28 de terra Aegypti et in terra ista
29 et dabo vobis terram et omnes terrae
30 ut possideatis terram et terrae
31 omnem terram quam calcaverit pes
32 et terra et in terra de terra sancta
33 exi de terra tua et de cognatione
26 in terra ubi erat et in terra aliena
27 et terram et fructum terrae et terra
28 de terra Aegypti et in terra ista
29 et dabo vobis terram et omnes terrae
30 ut possideatis terram et terrae
31 omnem terram quam calcaverit pes
32 et terra et in terra de terra sancta
33 exi de terra tua et de cognatione
Gen	26 in terra ubi erat et in terra aliena
27 et terram et fructum terrae et terra
28 de terra Aegypti et in terra ista
29 et dabo vobis terram et omnes terrae
30 ut possideatis terram et terrae
31 omnem terram quam calcaverit pes
32 et terra et in terra de terra sancta
Act	33 exi de terra tua et de cognatione
26 in terra ubi erat et in terra aliena
27 et terram et fructum terrae et terra
28 de terra Aegypti et in terra ista
29 et dabo vobis terram et omnes terrae
30 ut possideatis terram et terrae
31 omnem terram quam calcaverit pes
32 et terra et in terra de terra sancta
33 exi de terra tua et de cognatione
26 in terra ubi erat et in terra aliena
27 et terram et fructum terrae et terra
28 de terra Aegypti et in terra ista
29 et dabo vobis terram et omnes terrae
30 ut possideatis terram et terrae
Jos	31 omnem terram quam calcaverit pes
32 et terra et in terra de terra sancta
33 exi de terra tua et de cognatione
26 in terra ubi erat et in terra aliena
27 et terram et fructum terrae et terra
28 de terra Aegypti et in terra ista
29 et dabo vobis terram et omnes terrae
Num 30 ut possideatis terram et terrae
31 omnem terram quam calcaverit pes
32 et terra et in terra de terra sancta
33 exi de terra tua et de cognatione
26 in terra ubi erat et in terra aliena
27 et terram et fructum terrae et terra
28 de terra Aegypti et in terra ista
29 et dabo vobis terram et omnes terrae
30 ut possideatis terram et terrae
31 omnem terram quam calcaverit pes
32 et terra et in terra de terra sancta
33 exi de terra tua et de cognatione
26 in terra ubi erat et in terra aliena
27 et terram et fructum terrae et terra
Ex	28 de terra Aegypti et in terra ista
29 et dabo vobis terram et omnes terrae
30 ut possideatis terram et terrae
31 omnem terram quam calcaverit pes
32 et terra et in terra de terra sancta
33 exi de terra tua et de cognatione
26 in terra ubi erat et in terra aliena
27 et terram et fructum terrae et terra
28 de terra Aegypti et in terra ista
29 et dabo vobis terram et omnes terrae
30 ut possideatis terram et terrae
31 omnem terram quam calcaverit pes
32 et terra et in terra de terra sancta
33 exi de terra tua et de cognatione
Gen	26 in terra ubi erat et in terra aliena
27 et terram et fructum terrae et terra
28 de terra Aegypti et in terra ista
29 et dabo vobis terram et omnes terrae
30 ut possideatis terram et terrae
31 omnem terram quam calcaverit pes
32 et terra et in terra de terra sancta
Act	33 exi de terra tua et de cognatione
26 in terra ubi erat et in terra aliena
27 et terram et fructum terrae et terra
28 de terra Aegypti et in terra ista
29 et dabo vobis terram et omnes terrae
30 ut possideatis terram et terrae
31 omnem terram quam calcaverit pes
32 et terra et in terra de terra sancta
33 exi de terra tua et de cognatione
26 in terra ubi erat et in terra aliena
27 et terram et fructum terrae et terra
28 de terra Aegypti et in terra ista
29 et dabo vobis terram et omnes terrae
30 ut possideatis terram et terrae
Jos	31 omnem terram quam calcaverit pes
32 et terra et in terra de terra sancta
32 et terra et in terra de terra sancta
33 exi de terra tua et de cognatione
26 in terra ubi erat et in terra aliena
27 et terram et fructum terrae et terra
28 de terra Aegypti et in terra ista
29 et dabo vobis terram et omnes terrae
30 ut possideatis terram et terrae
Jos	31 omnem terram quam calcaverit pes
32 et terra et in terra de terra sancta
33 exi de terra tua et de cognatione
26 in terra ubi erat et in terra aliena
27 et terram et fructum terrae et terra
28 de terra Aegypti et in terra ista
29 et dabo vobis terram et omnes terrae
Num 30 ut possideatis terram et terrae
31 omnem terram quam calcaverit pes
32 et terra et in terra de terra sancta
33 exi de terra tua et de cognatione
26 in terra ubi erat et in terra aliena
27 et terram et fructum terrae et terra
28 de terra Aegypti et in terra ista
29 et dabo vobis terram et omnes terrae
30 ut possideatis terram et terrae
31 omnem terram quam calcaverit pes
32 et terra et in terra de terra sancta
33 exi de terra tua et de cognatione
26 in terra ubi erat et in terra aliena
27 et terram et fructum terrae et terra
Ex	28 de terra Aegypti et in terra ista
29 et dabo vobis terram et omnes terrae
30 ut possideatis terram et terrae
31 omnem terram quam calcaverit pes
32 et terra et in terra de terra sancta
33 exi de terra tua et de cognatione
26 in terra ubi erat et in terra aliena
27 et terram et fructum terrae et terra
28 de terra Aegypti et in terra ista
29 et dabo vobis terram et omnes terrae
30 ut possideatis terram et terrae
31 omnem terram quam calcaverit pes
32 et terra et in terra de terra sancta
33 exi de terra tua et de cognatione
Gen	26 in terra ubi erat et in terra aliena
27 et terram et fructum terrae et terra
28 de terra Aegypti et in terra ista
29 et dabo vobis terram et omnes terrae
30 ut possideatis terram et terrae
31 omnem terram quam calcaverit pes
32 et terra et in terra de terra sancta
Act	33 exi de terra tua et de cognatione
26 in terra ubi erat et in terra aliena
27 et terram et fructum terrae et terra
28 de terra Aegypti et in terra ista
29 et dabo vobis terram et omnes terrae
30 ut possideatis terram et terrae
31 omnem terram quam calcaverit pes
32 et terra et in terra de terra sancta
33 exi de terra tua et de cognatione
26 in terra ubi erat et in terra aliena
27 et terram et fructum terrae et terra
28 de terra Aegypti et in terra ista
29 et dabo vobis terram et omnes terrae
30 ut possideatis terram et terrae
Jos	31 omnem terram quam calcaverit pes
32 et terra et in terra de terra sancta
33 exi de terra tua et de cognatione
26 in terra ubi erat et in terra aliena
27 et terram et fructum terrae et terra
28 de terra Aegypti et in terra ista
29 et dabo vobis terram et omnes terrae
Num 30 ut possideatis terram et terrae
31 omnem terram quam calcaverit pes
32 et terra et in terra de terra sancta
33 exi de terra tua et de cognatione
26 in terra ubi erat et in terra aliena
27 et terram et fructum terrae et terra
28 de terra Aegypti et in terra ista
29 et dabo vobis terram et omnes terrae
30 ut possideatis terram et terrae
31 omnem terram quam calcaverit pes
32 et terra et in terra de terra sancta
33 exi de terra tua et de cognatione
26 in terra ubi erat et in terra aliena
27 et terram et fructum terrae et terra
Ex	28 de terra Aegypti et in terra ista
29 et dabo vobis terram et omnes terrae
30 ut possideatis terram et terrae
31 omnem terram quam calcaverit pes
32 et terra et in terra de terra sancta
33 exi de terra tua et de cognatione
26 in terra ubi erat et in terra aliena
27 et terram et fructum terrae et terra
28 de terra Aegypti et in terra ista
29 et dabo vobis terram et omnes terrae
30 ut possideatis terram et terrae
31 omnem terram quam calcaverit pes
32 et terra et in terra de terra sancta
33 exi de terra tua et de cognatione
Gen	26 in terra ubi erat et in terra aliena
27 et terram et fructum terrae et terra
